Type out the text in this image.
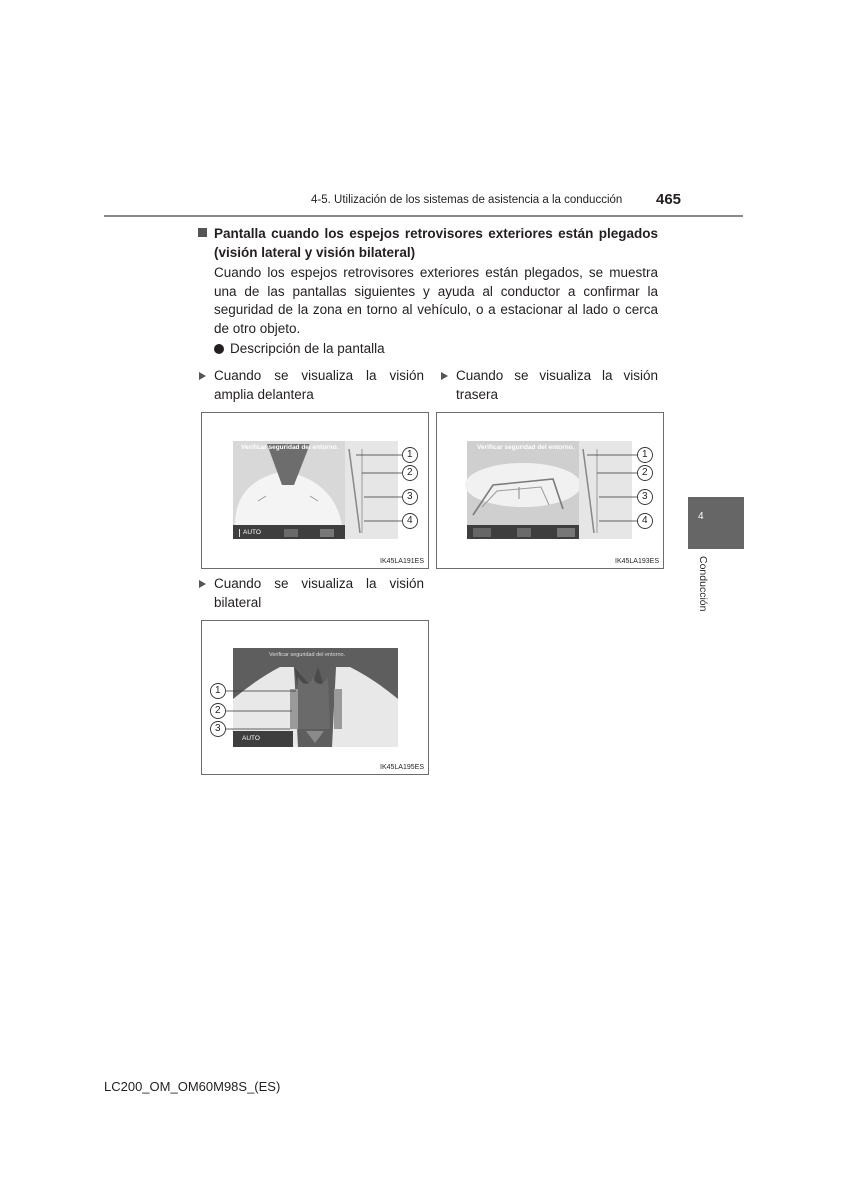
4-5. Utilización de los sistemas de asistencia a la conducción 465
Pantalla cuando los espejos retrovisores exteriores están plegados (visión lateral y visión bilateral)
Cuando los espejos retrovisores exteriores están plegados, se muestra una de las pantallas siguientes y ayuda al conductor a confirmar la seguridad de la zona en torno al vehículo, o a estacionar al lado o cerca de otro objeto.
Descripción de la pantalla
Cuando se visualiza la visión amplia delantera
Cuando se visualiza la visión trasera
Verificar seguridad del entorno.
AUTO
1
2
3
4
IK45LA191ES
Verificar seguridad del entorno.
1
2
3
4
IK45LA193ES
Cuando se visualiza la visión bilateral
Verificar seguridad del entorno.
AUTO
1
2
3
IK45LA195ES
4
Conducción
LC200_OM_OM60M98S_(ES)
